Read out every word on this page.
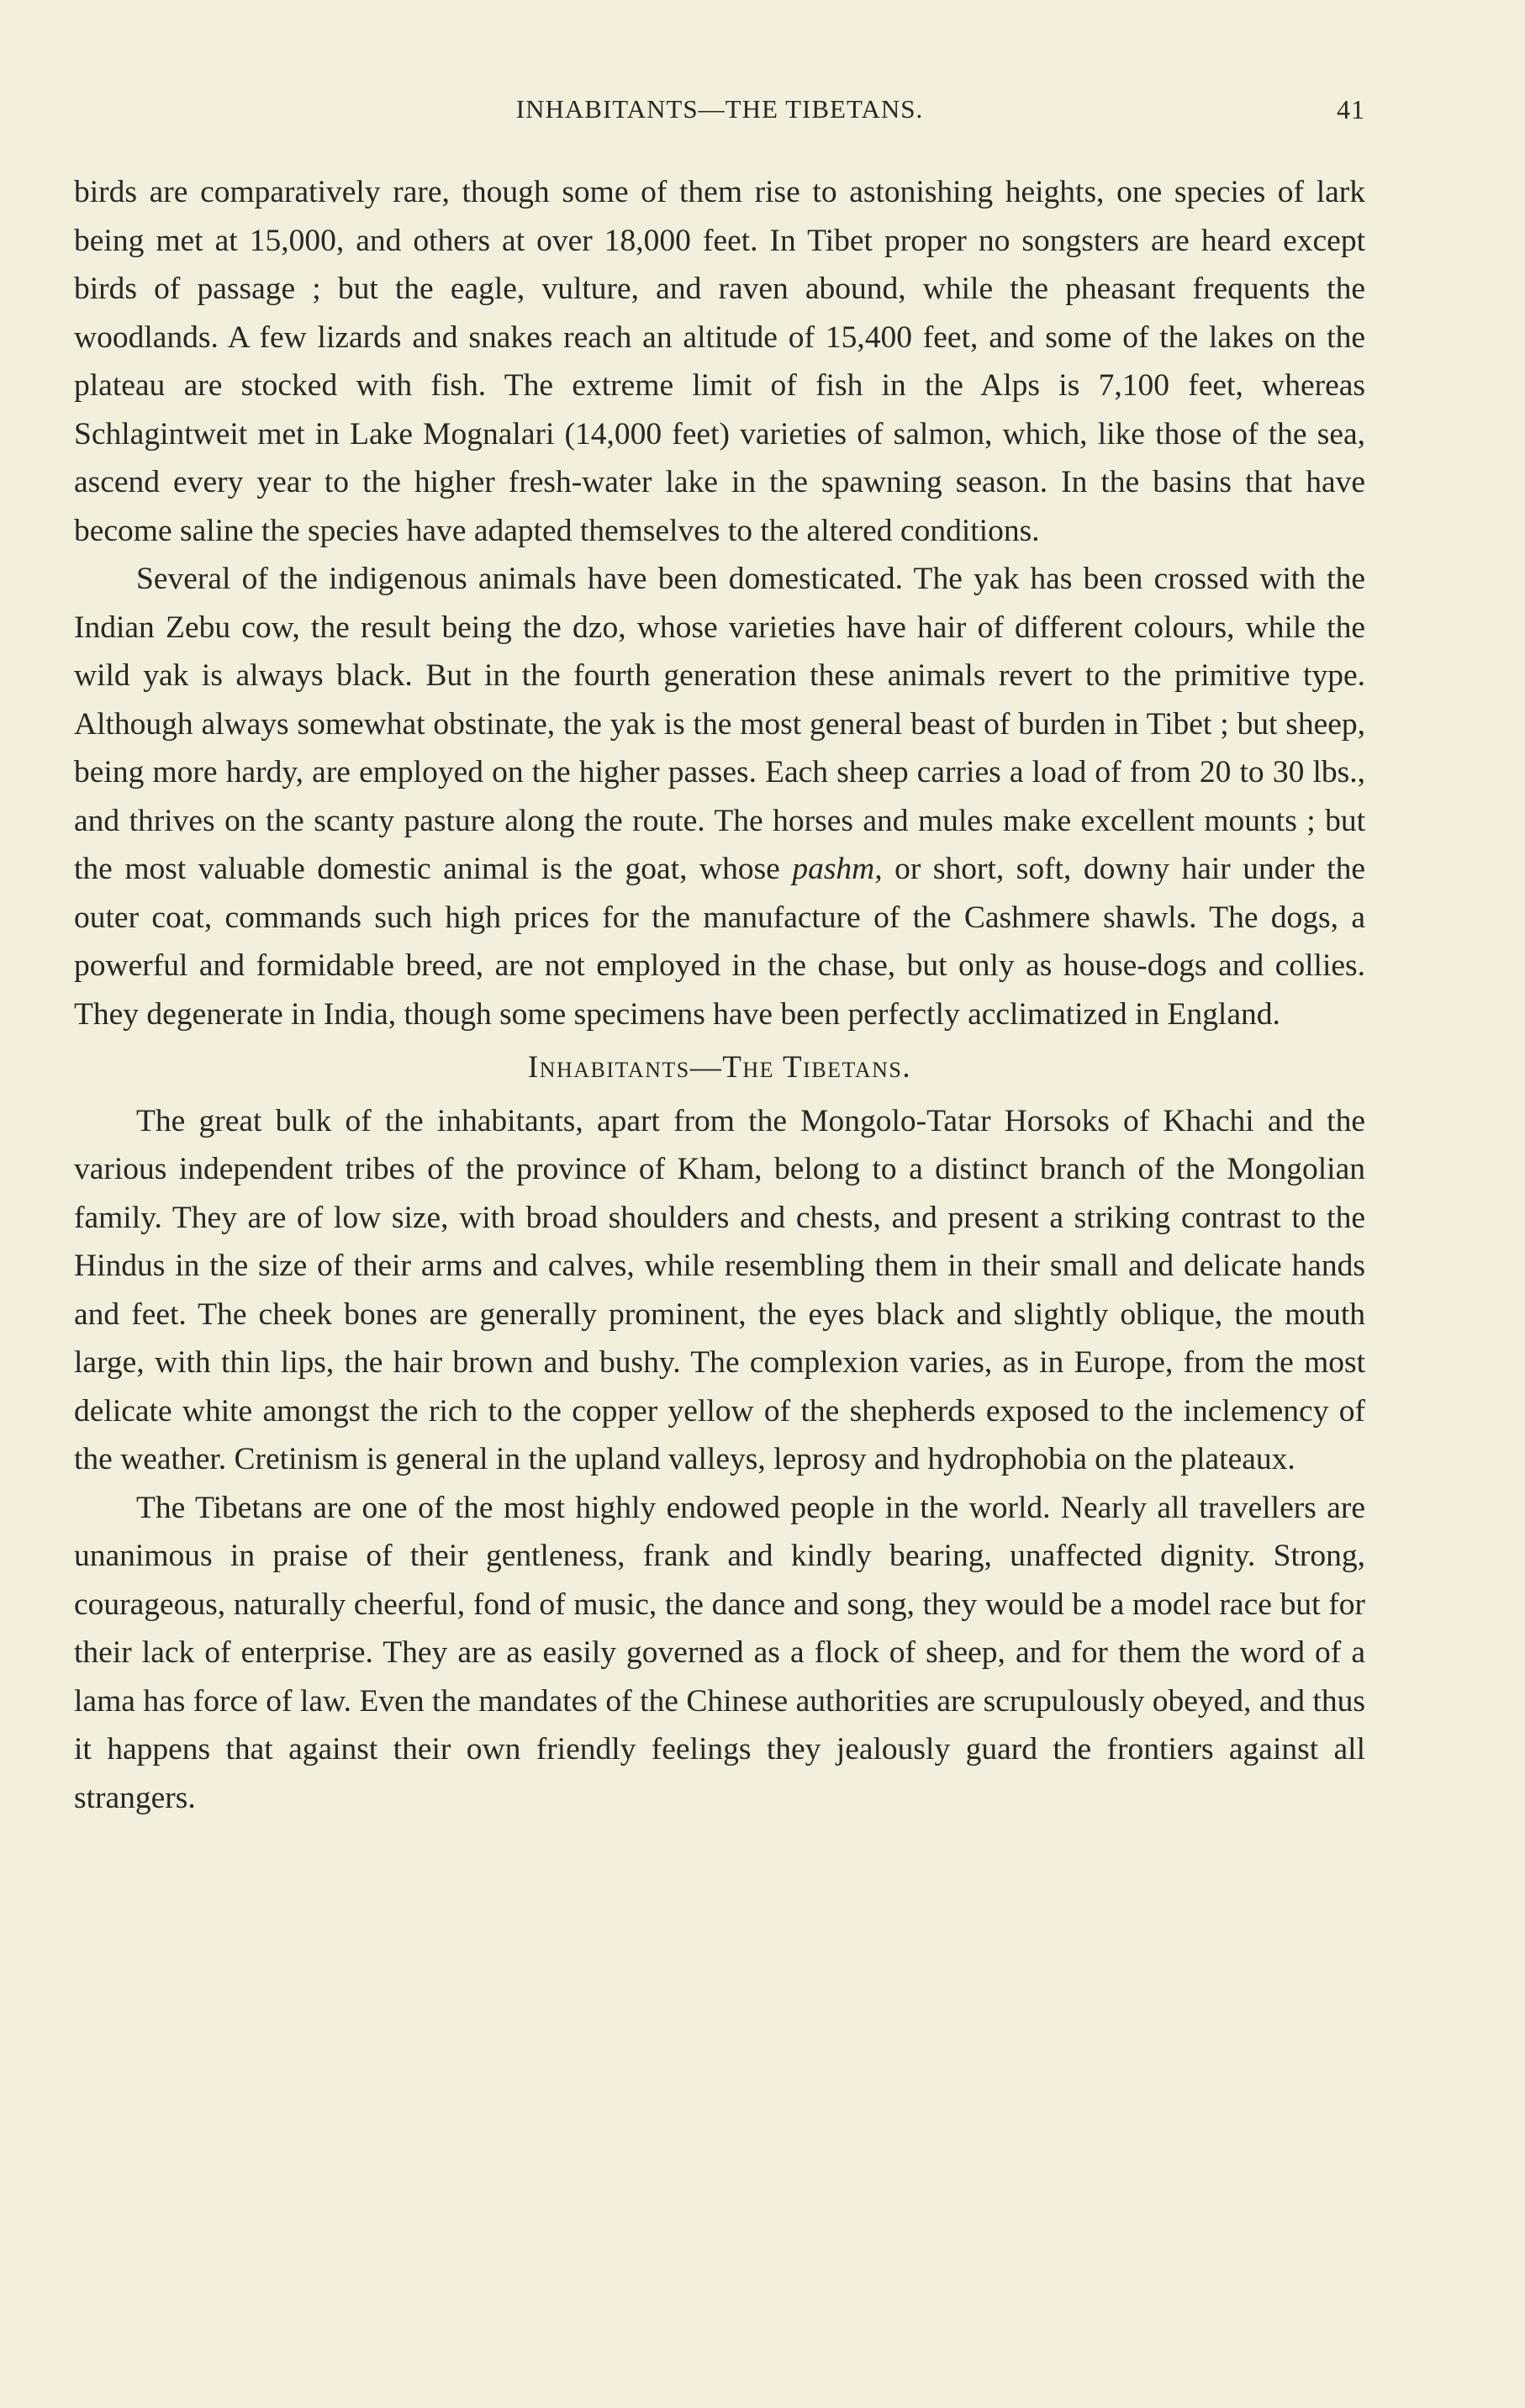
INHABITANTS—THE TIBETANS.	41

birds are comparatively rare, though some of them rise to astonishing heights, one species of lark being met at 15,000, and others at over 18,000 feet. In Tibet proper no songsters are heard except birds of passage ; but the eagle, vulture, and raven abound, while the pheasant frequents the woodlands. A few lizards and snakes reach an altitude of 15,400 feet, and some of the lakes on the plateau are stocked with fish. The extreme limit of fish in the Alps is 7,100 feet, whereas Schlagintweit met in Lake Mognalari (14,000 feet) varieties of salmon, which, like those of the sea, ascend every year to the higher fresh-water lake in the spawning season. In the basins that have become saline the species have adapted themselves to the altered conditions.

Several of the indigenous animals have been domesticated. The yak has been crossed with the Indian Zebu cow, the result being the dzo, whose varieties have hair of different colours, while the wild yak is always black. But in the fourth generation these animals revert to the primitive type. Although always somewhat obstinate, the yak is the most general beast of burden in Tibet ; but sheep, being more hardy, are employed on the higher passes. Each sheep carries a load of from 20 to 30 lbs., and thrives on the scanty pasture along the route. The horses and mules make excellent mounts ; but the most valuable domestic animal is the goat, whose pashm, or short, soft, downy hair under the outer coat, commands such high prices for the manufacture of the Cashmere shawls. The dogs, a powerful and formidable breed, are not employed in the chase, but only as house-dogs and collies. They degenerate in India, though some specimens have been perfectly acclimatized in England.

Inhabitants—The Tibetans.

The great bulk of the inhabitants, apart from the Mongolo-Tatar Horsoks of Khachi and the various independent tribes of the province of Kham, belong to a distinct branch of the Mongolian family. They are of low size, with broad shoulders and chests, and present a striking contrast to the Hindus in the size of their arms and calves, while resembling them in their small and delicate hands and feet. The cheek bones are generally prominent, the eyes black and slightly oblique, the mouth large, with thin lips, the hair brown and bushy. The complexion varies, as in Europe, from the most delicate white amongst the rich to the copper yellow of the shepherds exposed to the inclemency of the weather. Cretinism is general in the upland valleys, leprosy and hydrophobia on the plateaux.

The Tibetans are one of the most highly endowed people in the world. Nearly all travellers are unanimous in praise of their gentleness, frank and kindly bearing, unaffected dignity. Strong, courageous, naturally cheerful, fond of music, the dance and song, they would be a model race but for their lack of enterprise. They are as easily governed as a flock of sheep, and for them the word of a lama has force of law. Even the mandates of the Chinese authorities are scrupulously obeyed, and thus it happens that against their own friendly feelings they jealously guard the frontiers against all strangers.
